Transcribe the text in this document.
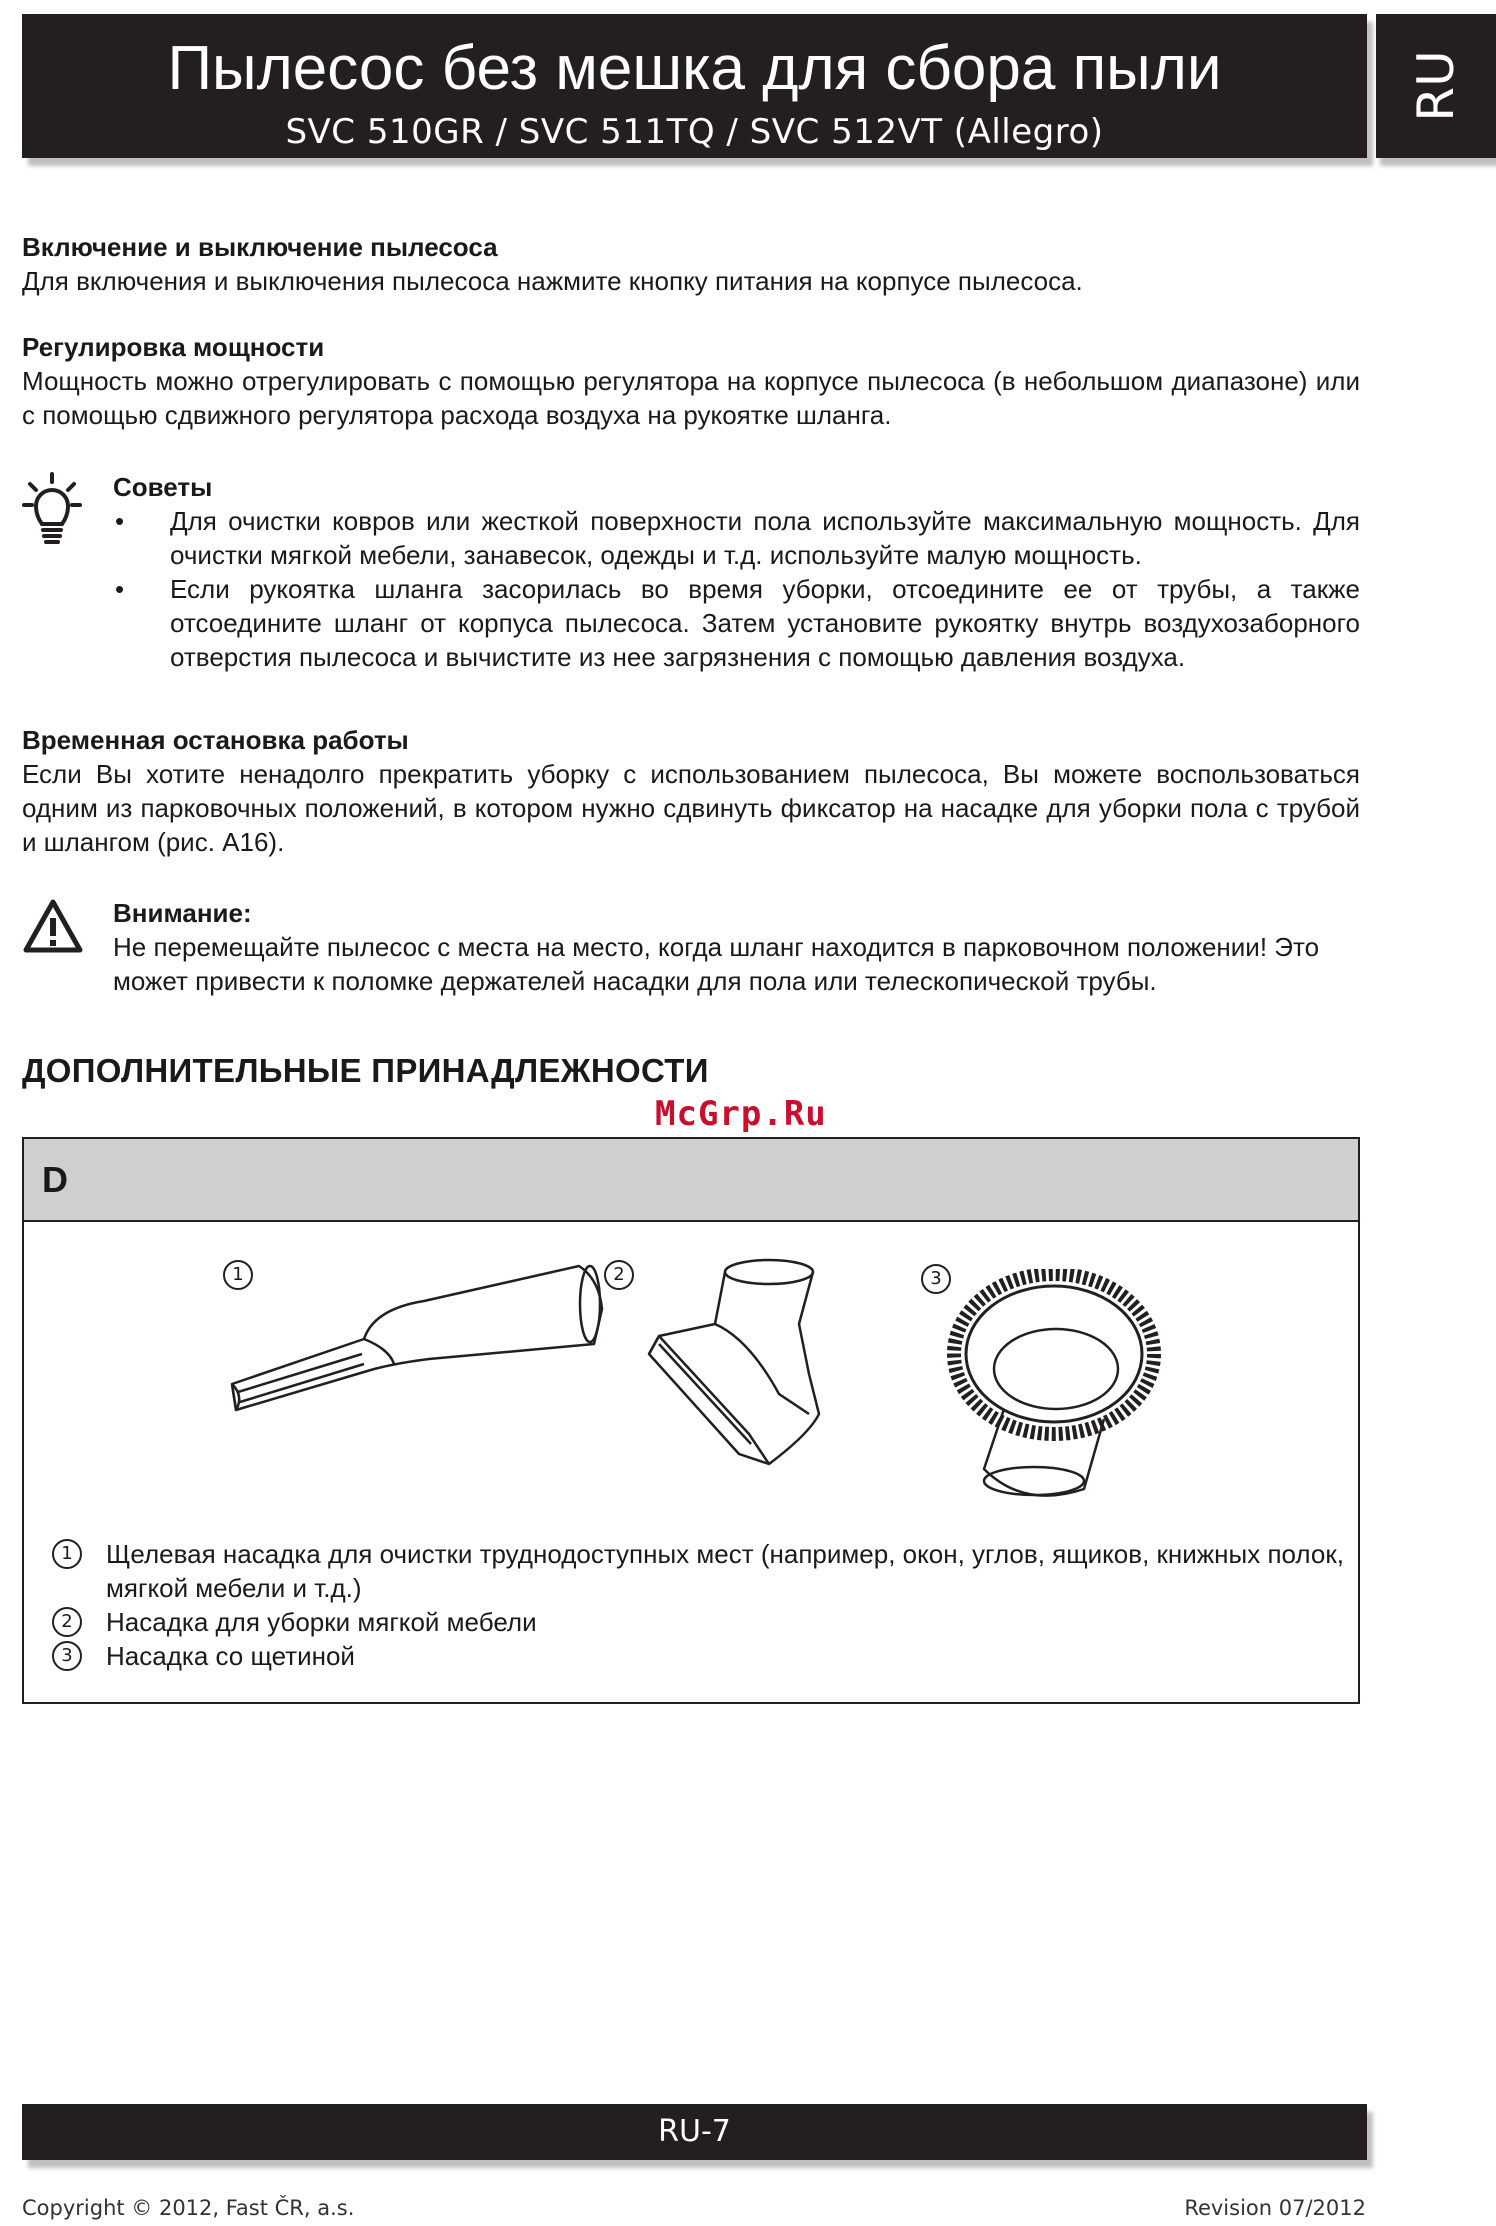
Пылесос без мешка для сбора пыли
SVC 510GR / SVC 511TQ / SVC 512VT (Allegro)
RU
Включение и выключение пылесоса

Для включения и выключения пылесоса нажмите кнопку питания на корпусе пылесоса.

Регулировка мощности

Мощность можно отрегулировать с помощью регулятора на корпусе пылесоса (в небольшом диапазоне) или с помощью сдвижного регулятора расхода воздуха на рукоятке шланга.

Советы
• Для очистки ковров или жесткой поверхности пола используйте максимальную мощность. Для очистки мягкой мебели, занавесок, одежды и т.д. используйте малую мощность.
• Если рукоятка шланга засорилась во время уборки, отсоедините ее от трубы, а также отсоедините шланг от корпуса пылесоса. Затем установите рукоятку внутрь воздухозаборного отверстия пылесоса и вычистите из нее загрязнения с помощью давления воздуха.
Временная остановка работы

Если Вы хотите ненадолго прекратить уборку с использованием пылесоса, Вы можете воспользоваться одним из парковочных положений, в котором нужно сдвинуть фиксатор на насадке для уборки пола с трубой и шлангом (рис. A16).

Внимание:

Не перемещайте пылесос с места на место, когда шланг находится в парковочном положении! Это может привести к поломке держателей насадки для пола или телескопической трубы.

ДОПОЛНИТЕЛЬНЫЕ ПРИНАДЛЕЖНОСТИ
McGrp.Ru
D
1	2	3
1	Щелевая насадка для очистки труднодоступных мест (например, окон, углов, ящиков, книжных полок, мягкой мебели и т.д.)
2	Насадка для уборки мягкой мебели
3	Насадка со щетиной
RU-7
Copyright © 2012, Fast ČR, a.s.	Revision 07/2012
